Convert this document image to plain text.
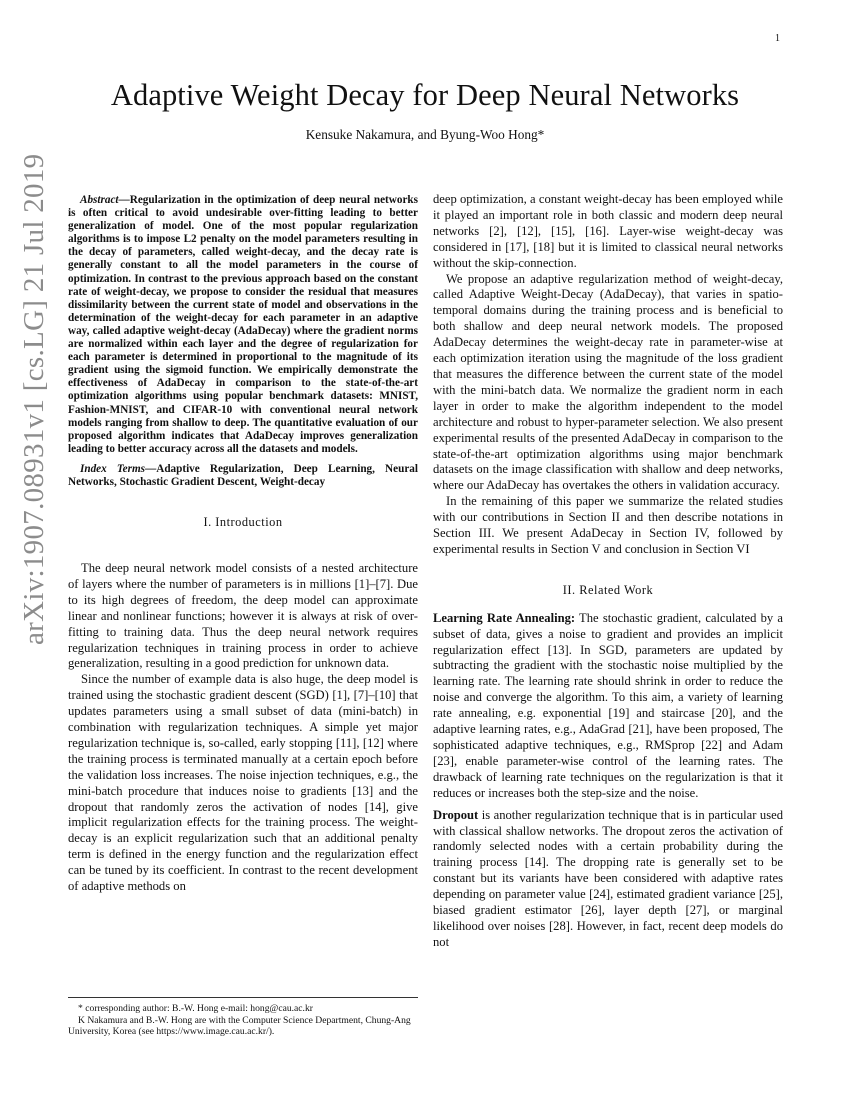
1
arXiv:1907.08931v1 [cs.LG] 21 Jul 2019
Adaptive Weight Decay for Deep Neural Networks
Kensuke Nakamura, and Byung-Woo Hong*

Abstract—Regularization in the optimization of deep neural networks is often critical to avoid undesirable over-fitting leading to better generalization of model. One of the most popular regularization algorithms is to impose L2 penalty on the model parameters resulting in the decay of parameters, called weight-decay, and the decay rate is generally constant to all the model parameters in the course of optimization. In contrast to the previous approach based on the constant rate of weight-decay, we propose to consider the residual that measures dissimilarity between the current state of model and observations in the determination of the weight-decay for each parameter in an adaptive way, called adaptive weight-decay (AdaDecay) where the gradient norms are normalized within each layer and the degree of regularization for each parameter is determined in proportional to the magnitude of its gradient using the sigmoid function. We empirically demonstrate the effectiveness of AdaDecay in comparison to the state-of-the-art optimization algorithms using popular benchmark datasets: MNIST, Fashion-MNIST, and CIFAR-10 with conventional neural network models ranging from shallow to deep. The quantitative evaluation of our proposed algorithm indicates that AdaDecay improves generalization leading to better accuracy across all the datasets and models.

Index Terms—Adaptive Regularization, Deep Learning, Neural Networks, Stochastic Gradient Descent, Weight-decay

I. Introduction

The deep neural network model consists of a nested architecture of layers where the number of parameters is in millions [1]–[7]. Due to its high degrees of freedom, the deep model can approximate linear and nonlinear functions; however it is always at risk of over-fitting to training data. Thus the deep neural network requires regularization techniques in training process in order to achieve generalization, resulting in a good prediction for unknown data.

Since the number of example data is also huge, the deep model is trained using the stochastic gradient descent (SGD) [1], [7]–[10] that updates parameters using a small subset of data (mini-batch) in combination with regularization techniques. A simple yet major regularization technique is, so-called, early stopping [11], [12] where the training process is terminated manually at a certain epoch before the validation loss increases. The noise injection techniques, e.g., the mini-batch procedure that induces noise to gradients [13] and the dropout that randomly zeros the activation of nodes [14], give implicit regularization effects for the training process. The weight-decay is an explicit regularization such that an additional penalty term is defined in the energy function and the regularization effect can be tuned by its coefficient. In contrast to the recent development of adaptive methods on

* corresponding author: B.-W. Hong e-mail: hong@cau.ac.kr
K Nakamura and B.-W. Hong are with the Computer Science Department, Chung-Ang University, Korea (see https://www.image.cau.ac.kr/).

deep optimization, a constant weight-decay has been employed while it played an important role in both classic and modern deep neural networks [2], [12], [15], [16]. Layer-wise weight-decay was considered in [17], [18] but it is limited to classical neural networks without the skip-connection.

We propose an adaptive regularization method of weight-decay, called Adaptive Weight-Decay (AdaDecay), that varies in spatio-temporal domains during the training process and is beneficial to both shallow and deep neural network models. The proposed AdaDecay determines the weight-decay rate in parameter-wise at each optimization iteration using the magnitude of the loss gradient that measures the difference between the current state of the model with the mini-batch data. We normalize the gradient norm in each layer in order to make the algorithm independent to the model architecture and robust to hyper-parameter selection. We also present experimental results of the presented AdaDecay in comparison to the state-of-the-art optimization algorithms using major benchmark datasets on the image classification with shallow and deep networks, where our AdaDecay has overtakes the others in validation accuracy.

In the remaining of this paper we summarize the related studies with our contributions in Section II and then describe notations in Section III. We present AdaDecay in Section IV, followed by experimental results in Section V and conclusion in Section VI

II. Related Work

Learning Rate Annealing: The stochastic gradient, calculated by a subset of data, gives a noise to gradient and provides an implicit regularization effect [13]. In SGD, parameters are updated by subtracting the gradient with the stochastic noise multiplied by the learning rate. The learning rate should shrink in order to reduce the noise and converge the algorithm. To this aim, a variety of learning rate annealing, e.g. exponential [19] and staircase [20], and the adaptive learning rates, e.g., AdaGrad [21], have been proposed, The sophisticated adaptive techniques, e.g., RMSprop [22] and Adam [23], enable parameter-wise control of the learning rates. The drawback of learning rate techniques on the regularization is that it reduces or increases both the step-size and the noise.

Dropout is another regularization technique that is in particular used with classical shallow networks. The dropout zeros the activation of randomly selected nodes with a certain probability during the training process [14]. The dropping rate is generally set to be constant but its variants have been considered with adaptive rates depending on parameter value [24], estimated gradient variance [25], biased gradient estimator [26], layer depth [27], or marginal likelihood over noises [28]. However, in fact, recent deep models do not
